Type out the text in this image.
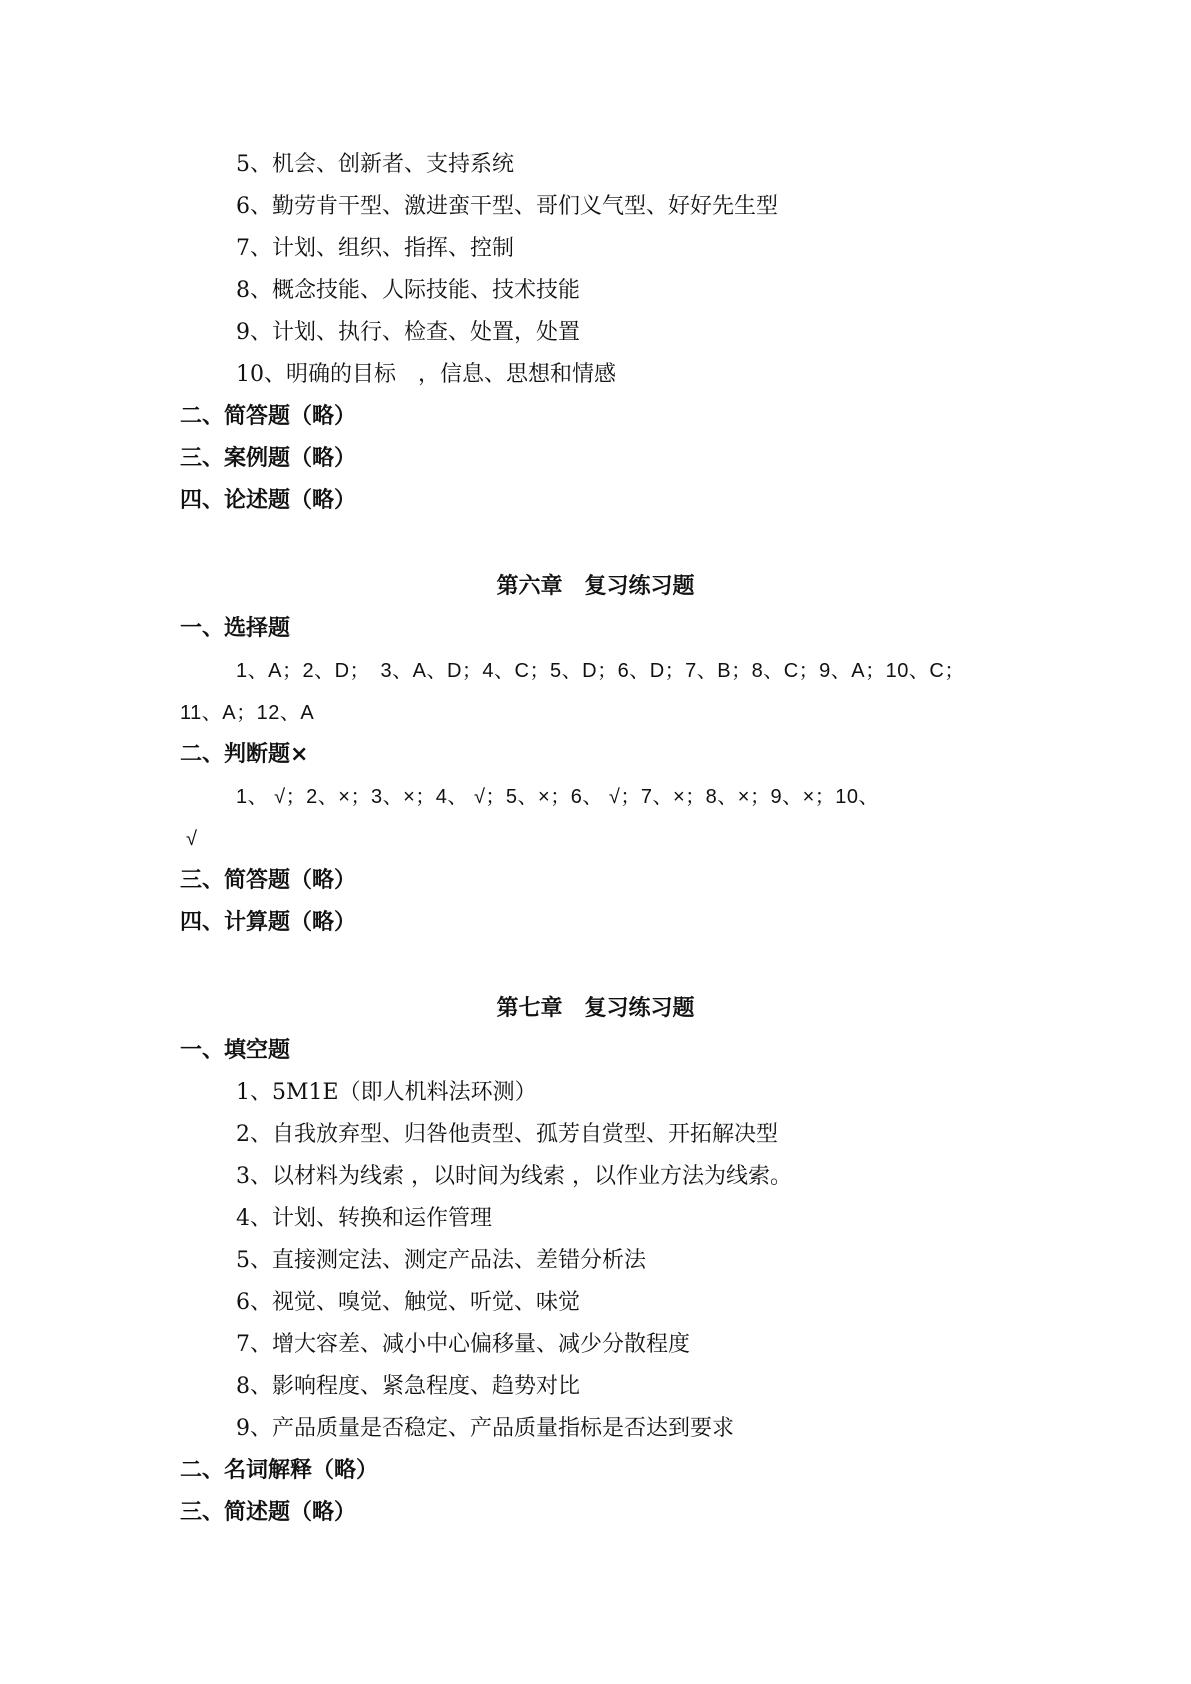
5、机会、创新者、支持系统
6、勤劳肯干型、激进蛮干型、哥们义气型、好好先生型
7、计划、组织、指挥、控制
8、概念技能、人际技能、技术技能
9、计划、执行、检查、处置，处置
10、明确的目标　，信息、思想和情感
二、简答题（略）
三、案例题（略）
四、论述题（略）
第六章　复习练习题
一、选择题
1、A；2、D；　3、A、D；4、C；5、D；6、D；7、B；8、C；9、A；10、C；
11、A；12、A
二、判断题×
1、 √；2、×；3、×；4、 √；5、×；6、 √；7、×；8、×；9、×；10、
√
三、简答题（略）
四、计算题（略）
第七章　复习练习题
一、填空题
1、5M1E（即人机料法环测）
2、自我放弃型、归咎他责型、孤芳自赏型、开拓解决型
3、以材料为线索 ，以时间为线索 ，以作业方法为线索。
4、计划、转换和运作管理
5、直接测定法、测定产品法、差错分析法
6、视觉、嗅觉、触觉、听觉、味觉
7、增大容差、减小中心偏移量、减少分散程度
8、影响程度、紧急程度、趋势对比
9、产品质量是否稳定、产品质量指标是否达到要求
二、名词解释（略）
三、简述题（略）
